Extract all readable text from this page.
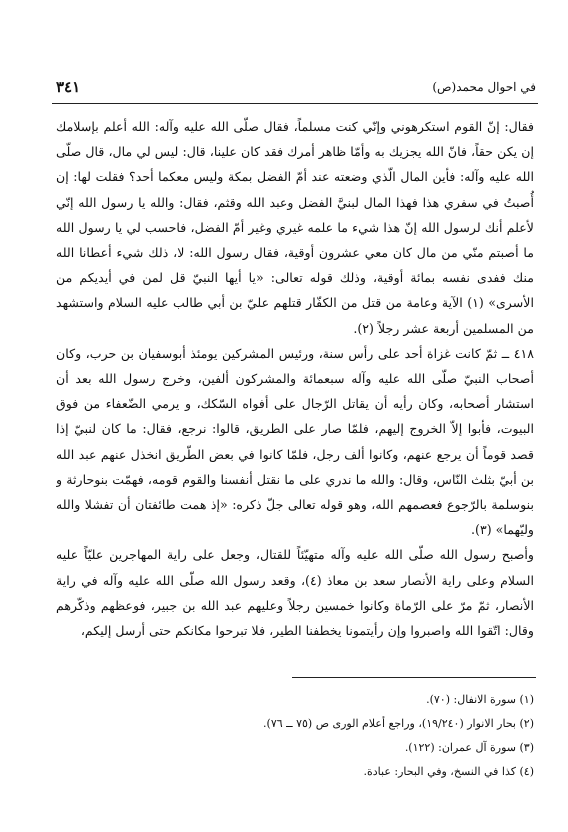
٣٤١	في احوال محمد(ص)

فقال: إنّ القوم استكرهوني وإنّي كنت مسلماً، فقال صلّى الله عليه وآله: الله أعلم بإسلامك إن يكن حقاً، فانّ الله يجزيك به وأمّا ظاهر أمرك فقد كان علينا، قال: ليس لي مال، قال صلّى الله عليه وآله: فأين المال الّذي وضعته عند أمّ الفضل بمكة وليس معكما أحد؟ فقلت لها: إن أُصبتُ في سفري هذا فهذا المال لبنيَّ الفضل وعبد الله وقثم، فقال: والله يا رسول الله إنّي لأعلم أنك لرسول الله إنّ هذا شيء ما علمه غيري وغير أمّ الفضل، فاحسب لي يا رسول الله ما أصبتم منّي من مال كان معي عشرون أوقية، فقال رسول الله: لا، ذلك شيء أعطانا الله منك ففدى نفسه بمائة أوقية، وذلك قوله تعالى: «يا أيها النبيّ قل لمن في أيديكم من الأسرى» (١) الآية وعامة من قتل من الكفّار قتلهم عليّ بن أبي طالب عليه السلام واستشهد من المسلمين أربعة عشر رجلاً (٢).

٤١٨ ــ ثمّ كانت غزاة أحد على رأس سنة، ورئيس المشركين يومئذ أبوسفيان بن حرب، وكان أصحاب النبيّ صلّى الله عليه وآله سبعمائة والمشركون ألفين، وخرج رسول الله بعد أن استشار أصحابه، وكان رأيه أن يقاتل الرّجال على أفواه السّكك، و يرمي الضّعفاء من فوق البيوت، فأبوا إلاّ الخروج إليهم، فلمّا صار على الطريق، قالوا: نرجع، فقال: ما كان لنبيّ إذا قصد قوماً أن يرجع عنهم، وكانوا ألف رجل، فلمّا كانوا في بعض الطّريق انخذل عنهم عبد الله بن أبيّ بثلث النّاس، وقال: والله ما ندري على ما نقتل أنفسنا والقوم قومه، فهمّت بنوحارثة و بنوسلمة بالرّجوع فعصمهم الله، وهو قوله تعالى جلّ ذكره: «إذ همت طائفتان أن تفشلا والله وليّهما» (٣).

وأصبح رسول الله صلّى الله عليه وآله متهيّئاً للقتال، وجعل على راية المهاجرين عليّاً عليه السلام وعلى راية الأنصار سعد بن معاذ (٤)، وقعد رسول الله صلّى الله عليه وآله في راية الأنصار، ثمّ مرّ على الرّماة وكانوا خمسين رجلاً وعليهم عبد الله بن جبير، فوعظهم وذكّرهم وقال: اتّقوا الله واصبروا وإن رأيتمونا يخطفنا الطير، فلا تبرحوا مكانكم حتى أرسل إليكم،

(١) سورة الانفال: (٧٠).
(٢) بحار الانوار (١٩/٢٤٠)، وراجع أعلام الورى ص (٧٥ ــ ٧٦).
(٣) سورة آل عمران: (١٢٢).
(٤) كذا في النسخ، وفي البحار: عبادة.
